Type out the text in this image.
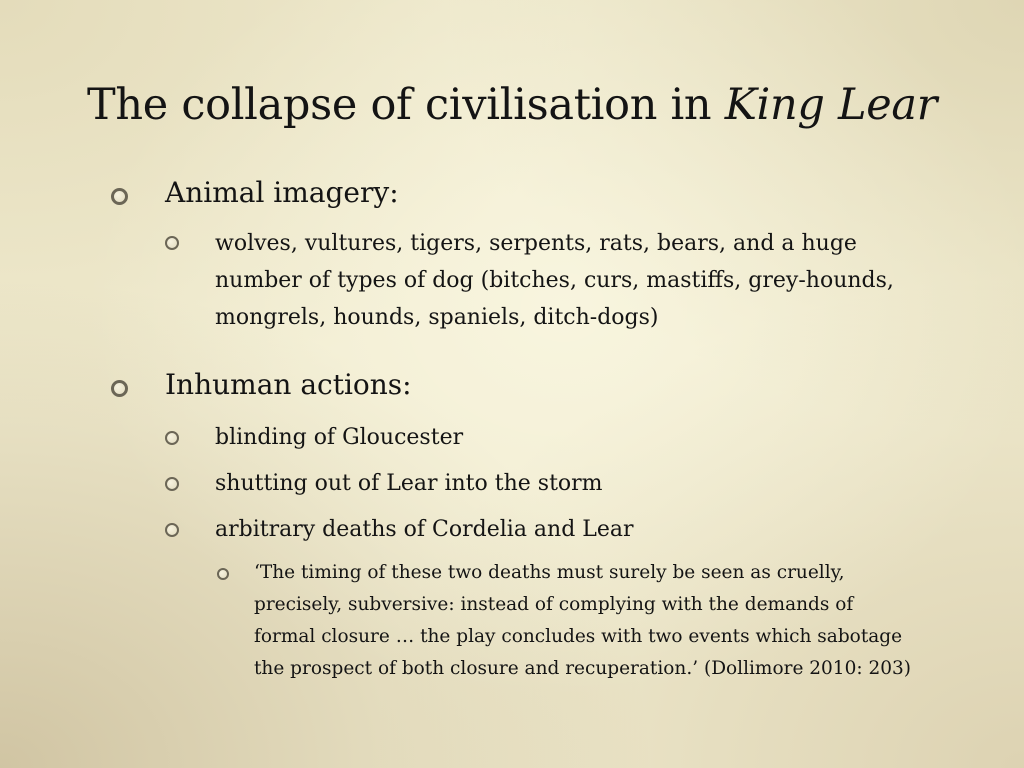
The collapse of civilisation in King Lear
Animal imagery:
wolves, vultures, tigers, serpents, rats, bears, and a huge
number of types of dog (bitches, curs, mastiffs, grey-hounds,
mongrels, hounds, spaniels, ditch-dogs)
Inhuman actions:
blinding of Gloucester
shutting out of Lear into the storm
arbitrary deaths of Cordelia and Lear
‘The timing of these two deaths must surely be seen as cruelly,
precisely, subversive: instead of complying with the demands of
formal closure … the play concludes with two events which sabotage
the prospect of both closure and recuperation.’ (Dollimore 2010: 203)
